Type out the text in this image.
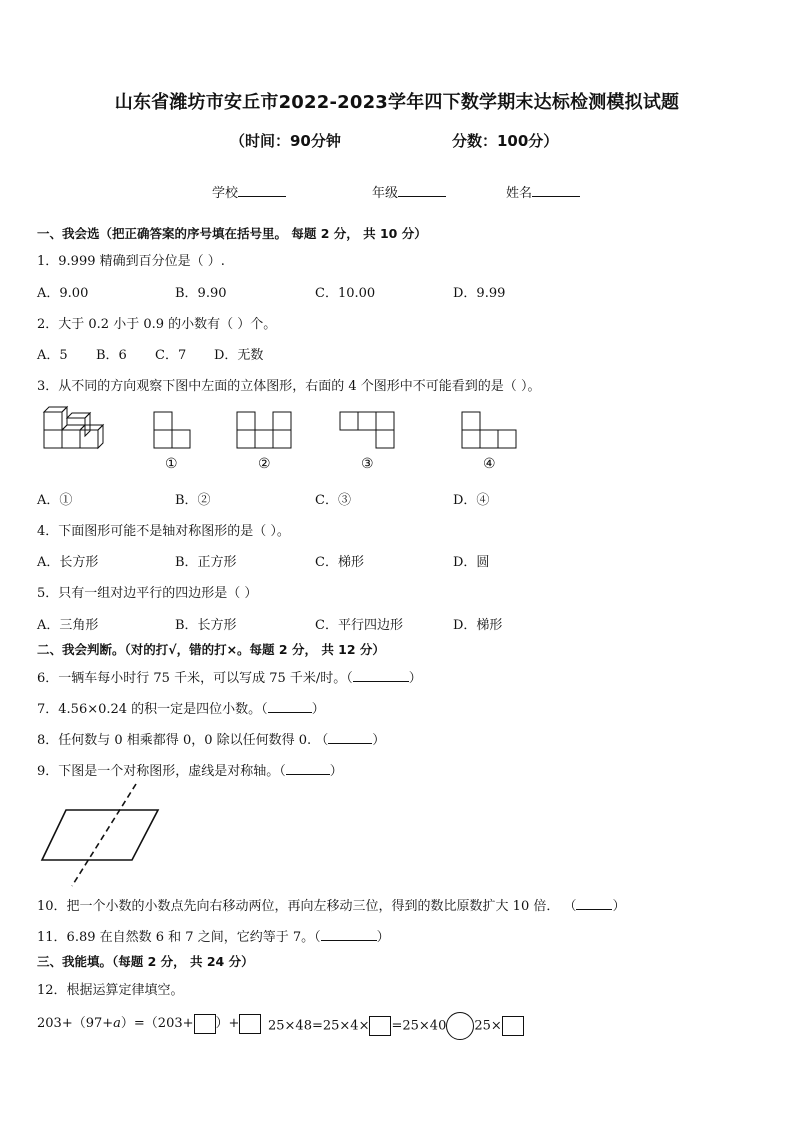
山东省潍坊市安丘市2022-2023学年四下数学期末达标检测模拟试题
（时间：90分钟	分数：100分）
学校	年级	姓名
一、我会选（把正确答案的序号填在括号里。 每题 2 分， 共 10 分）
1．9.999 精确到百分位是（ ）.
A．9.00	B．9.90	C．10.00	D．9.99
2．大于 0.2 小于 0.9 的小数有（ ）个。
A．5 B．6 C．7 D．无数
3．从不同的方向观察下图中左面的立体图形，右面的 4 个图形中不可能看到的是（ ）。
①	②	③	④
A．①	B．②	C．③	D．④
4．下面图形可能不是轴对称图形的是（ ）。
A．长方形	B．正方形	C．梯形	D．圆
5．只有一组对边平行的四边形是（ ）
A．三角形	B．长方形	C．平行四边形	D．梯形
二、我会判断。（对的打√，错的打×。每题 2 分， 共 12 分）
6．一辆车每小时行 75 千米，可以写成 75 千米/时。（	）
7．4.56×0.24 的积一定是四位小数。（	）
8．任何数与 0 相乘都得 0，0 除以任何数得 0. （	）
9．下图是一个对称图形，虚线是对称轴。（	）
10．把一个小数的小数点先向右移动两位，再向左移动三位，得到的数比原数扩大 10 倍． （	）
11．6.89 在自然数 6 和 7 之间，它约等于 7。（	）
三、我能填。（每题 2 分， 共 24 分）
12．根据运算定律填空。
203+（97+a）=（203+ ）+	25×48=25×4× =25×40 25×
